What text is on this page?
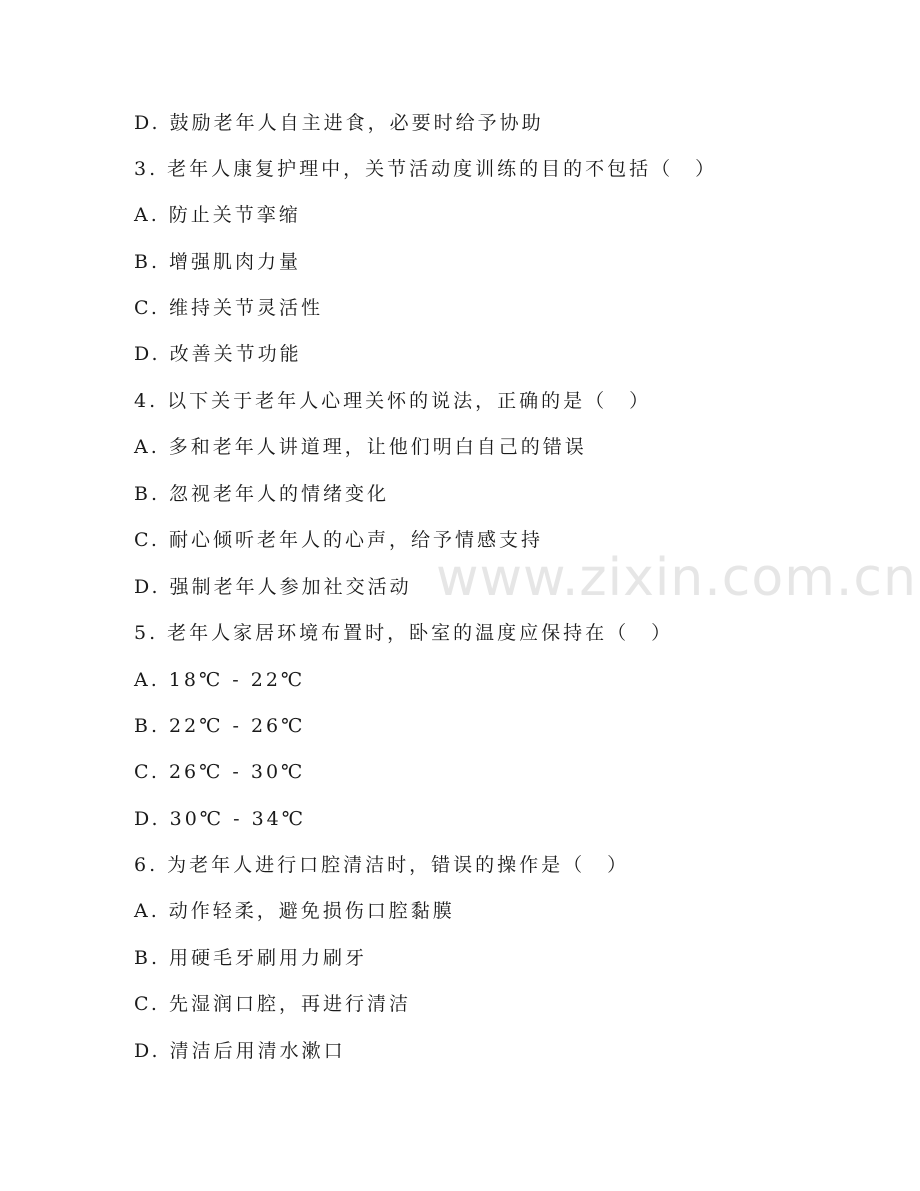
www.zixin.com.cn
D. 鼓励老年人自主进食，必要时给予协助
3. 老年人康复护理中，关节活动度训练的目的不包括（　）
A. 防止关节挛缩
B. 增强肌肉力量
C. 维持关节灵活性
D. 改善关节功能
4. 以下关于老年人心理关怀的说法，正确的是（　）
A. 多和老年人讲道理，让他们明白自己的错误
B. 忽视老年人的情绪变化
C. 耐心倾听老年人的心声，给予情感支持
D. 强制老年人参加社交活动
5. 老年人家居环境布置时，卧室的温度应保持在（　）
A. 18℃ - 22℃
B. 22℃ - 26℃
C. 26℃ - 30℃
D. 30℃ - 34℃
6. 为老年人进行口腔清洁时，错误的操作是（　）
A. 动作轻柔，避免损伤口腔黏膜
B. 用硬毛牙刷用力刷牙
C. 先湿润口腔，再进行清洁
D. 清洁后用清水漱口
